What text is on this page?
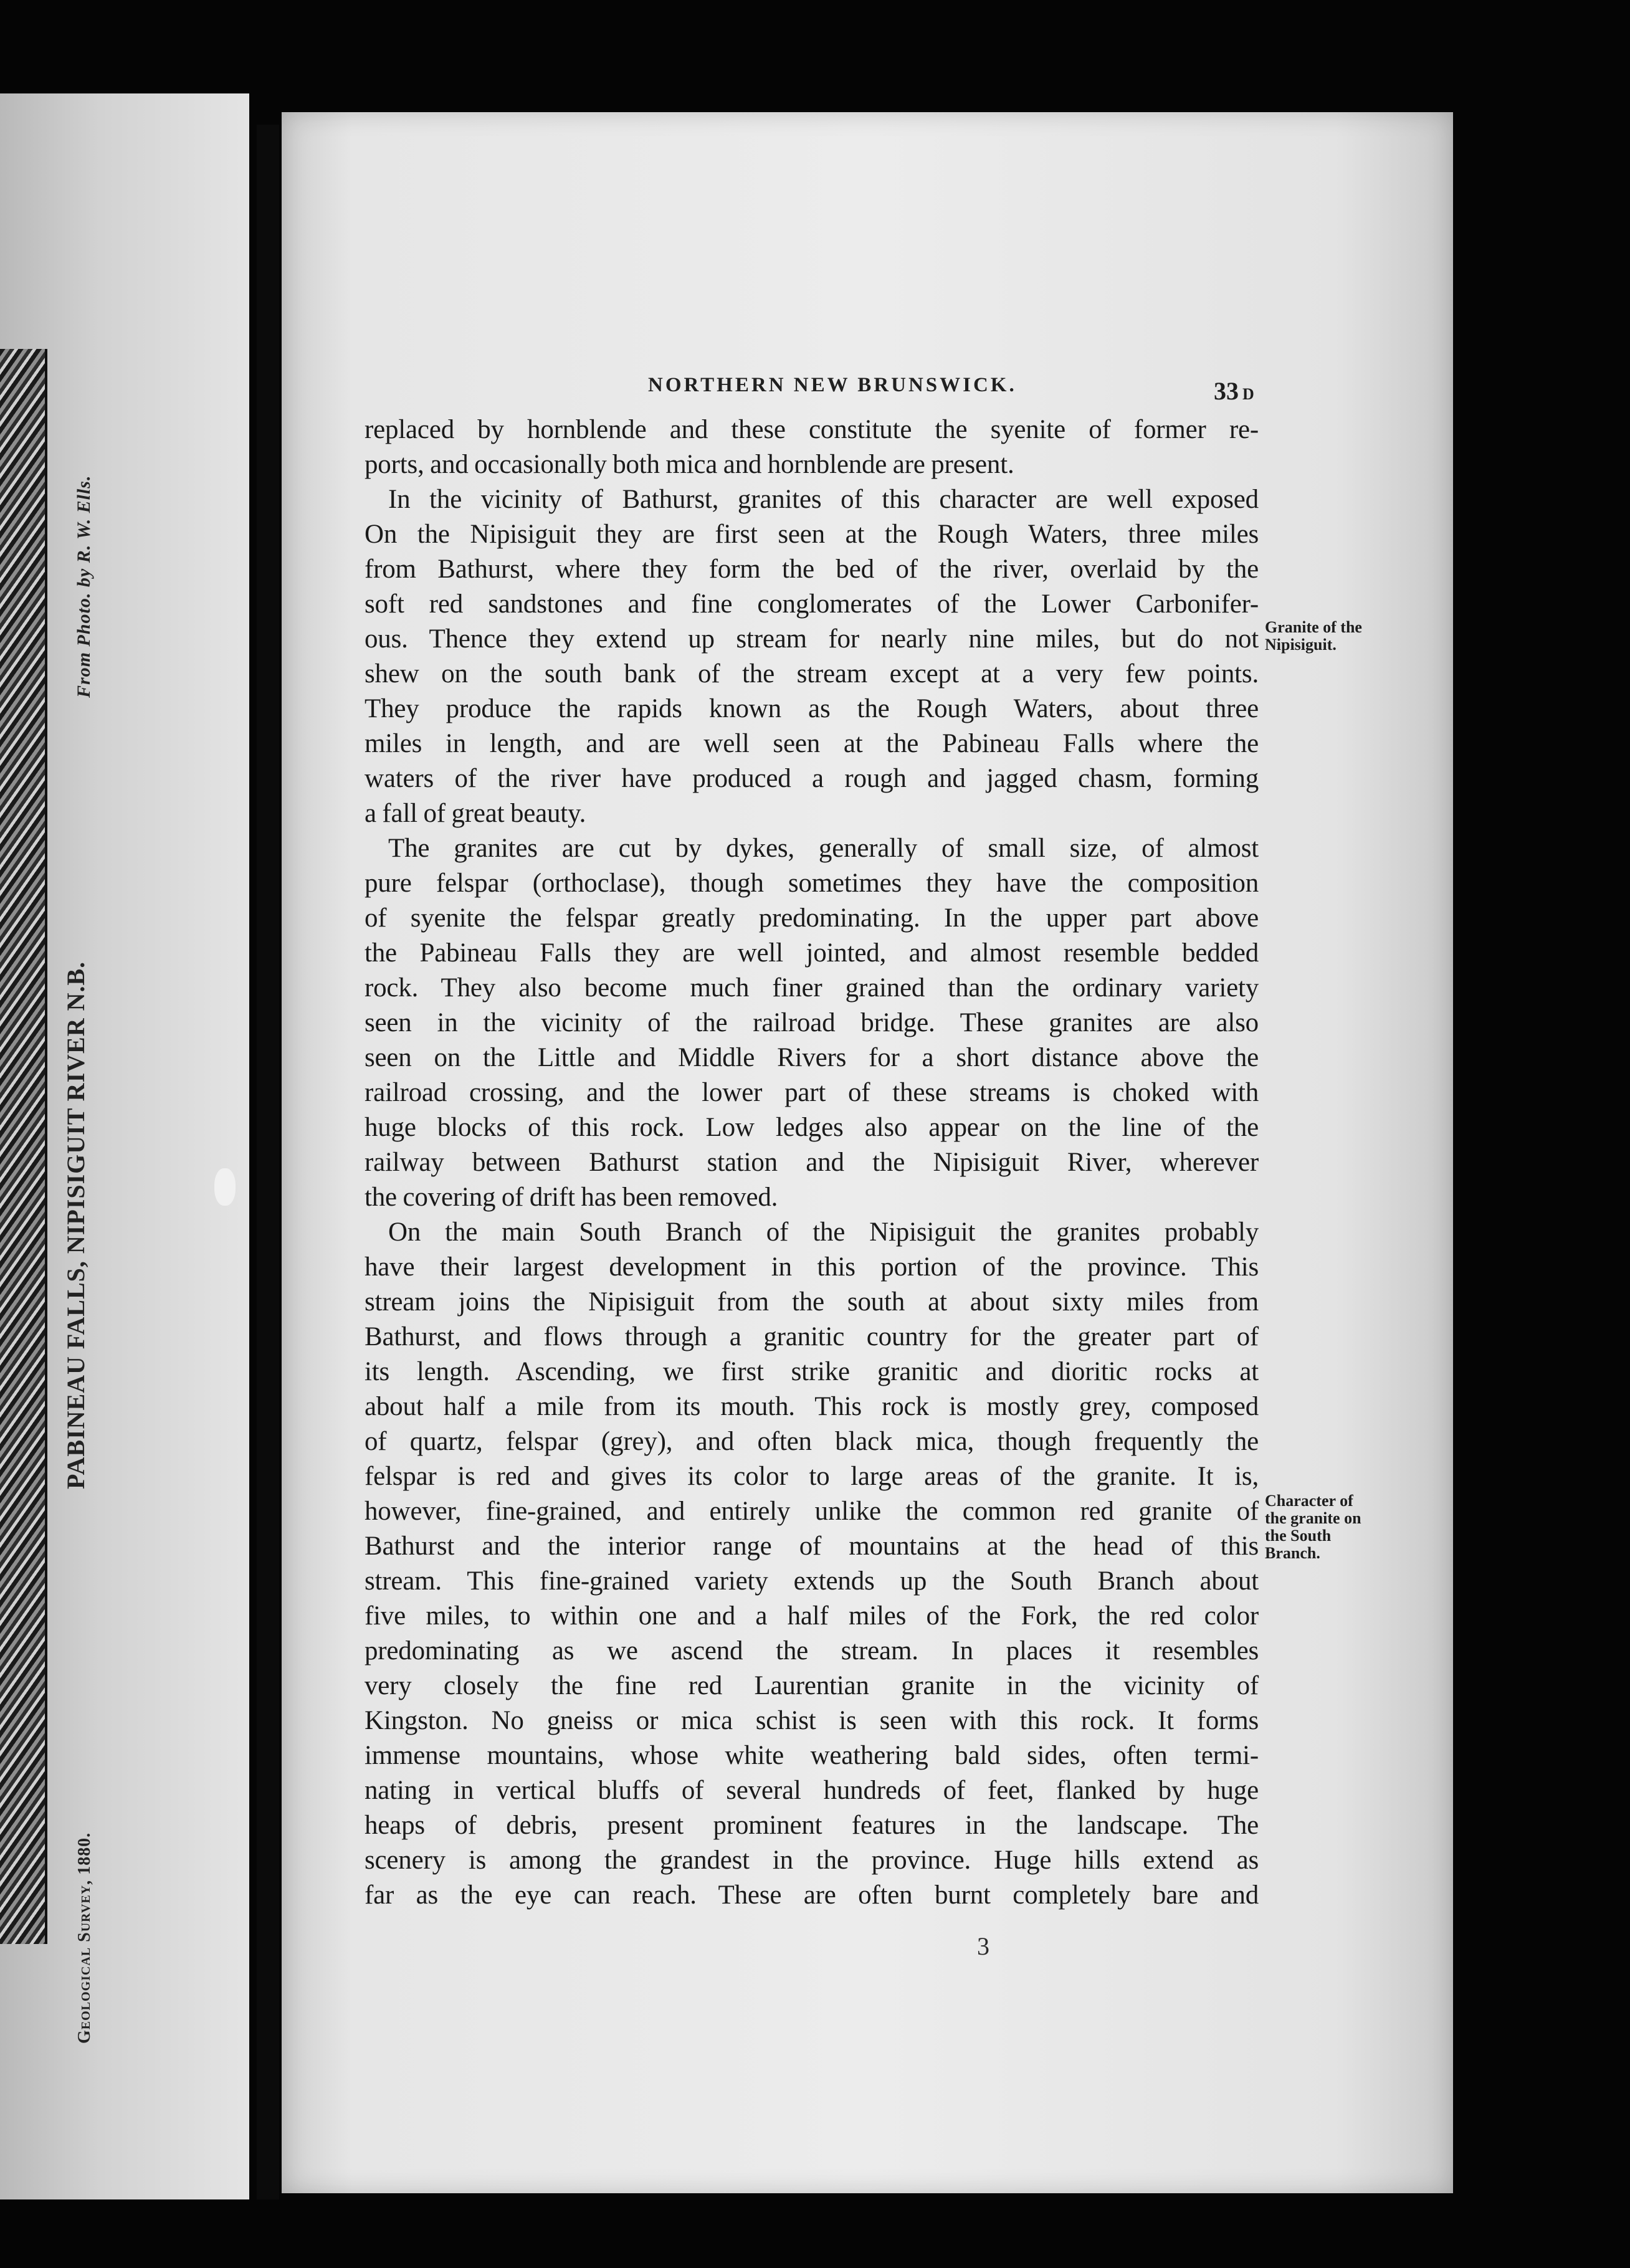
From Photo. by R. W. Ells.
PABINEAU FALLS, NIPISIGUIT RIVER N.B.
Geological Survey, 1880.
NORTHERN NEW BRUNSWICK.	33 D
replaced by hornblende and these constitute the syenite of former re-
ports, and occasionally both mica and hornblende are present.
In the vicinity of Bathurst, granites of this character are well exposed
On the Nipisiguit they are first seen at the Rough Waters, three miles
from Bathurst, where they form the bed of the river, overlaid by the
soft red sandstones and fine conglomerates of the Lower Carbonifer-
ous. Thence they extend up stream for nearly nine miles, but do not
shew on the south bank of the stream except at a very few points.
They produce the rapids known as the Rough Waters, about three
miles in length, and are well seen at the Pabineau Falls where the
waters of the river have produced a rough and jagged chasm, forming
a fall of great beauty.
The granites are cut by dykes, generally of small size, of almost
pure felspar (orthoclase), though sometimes they have the composition
of syenite the felspar greatly predominating. In the upper part above
the Pabineau Falls they are well jointed, and almost resemble bedded
rock. They also become much finer grained than the ordinary variety
seen in the vicinity of the railroad bridge. These granites are also
seen on the Little and Middle Rivers for a short distance above the
railroad crossing, and the lower part of these streams is choked with
huge blocks of this rock. Low ledges also appear on the line of the
railway between Bathurst station and the Nipisiguit River, wherever
the covering of drift has been removed.
On the main South Branch of the Nipisiguit the granites probably
have their largest development in this portion of the province. This
stream joins the Nipisiguit from the south at about sixty miles from
Bathurst, and flows through a granitic country for the greater part of
its length. Ascending, we first strike granitic and dioritic rocks at
about half a mile from its mouth. This rock is mostly grey, composed
of quartz, felspar (grey), and often black mica, though frequently the
felspar is red and gives its color to large areas of the granite. It is,
however, fine-grained, and entirely unlike the common red granite of
Bathurst and the interior range of mountains at the head of this
stream. This fine-grained variety extends up the South Branch about
five miles, to within one and a half miles of the Fork, the red color
predominating as we ascend the stream. In places it resembles
very closely the fine red Laurentian granite in the vicinity of
Kingston. No gneiss or mica schist is seen with this rock. It forms
immense mountains, whose white weathering bald sides, often termi-
nating in vertical bluffs of several hundreds of feet, flanked by huge
heaps of debris, present prominent features in the landscape. The
scenery is among the grandest in the province. Huge hills extend as
far as the eye can reach. These are often burnt completely bare and
Granite of the
Nipisiguit.
Character of
the granite on
the South
Branch.
3
